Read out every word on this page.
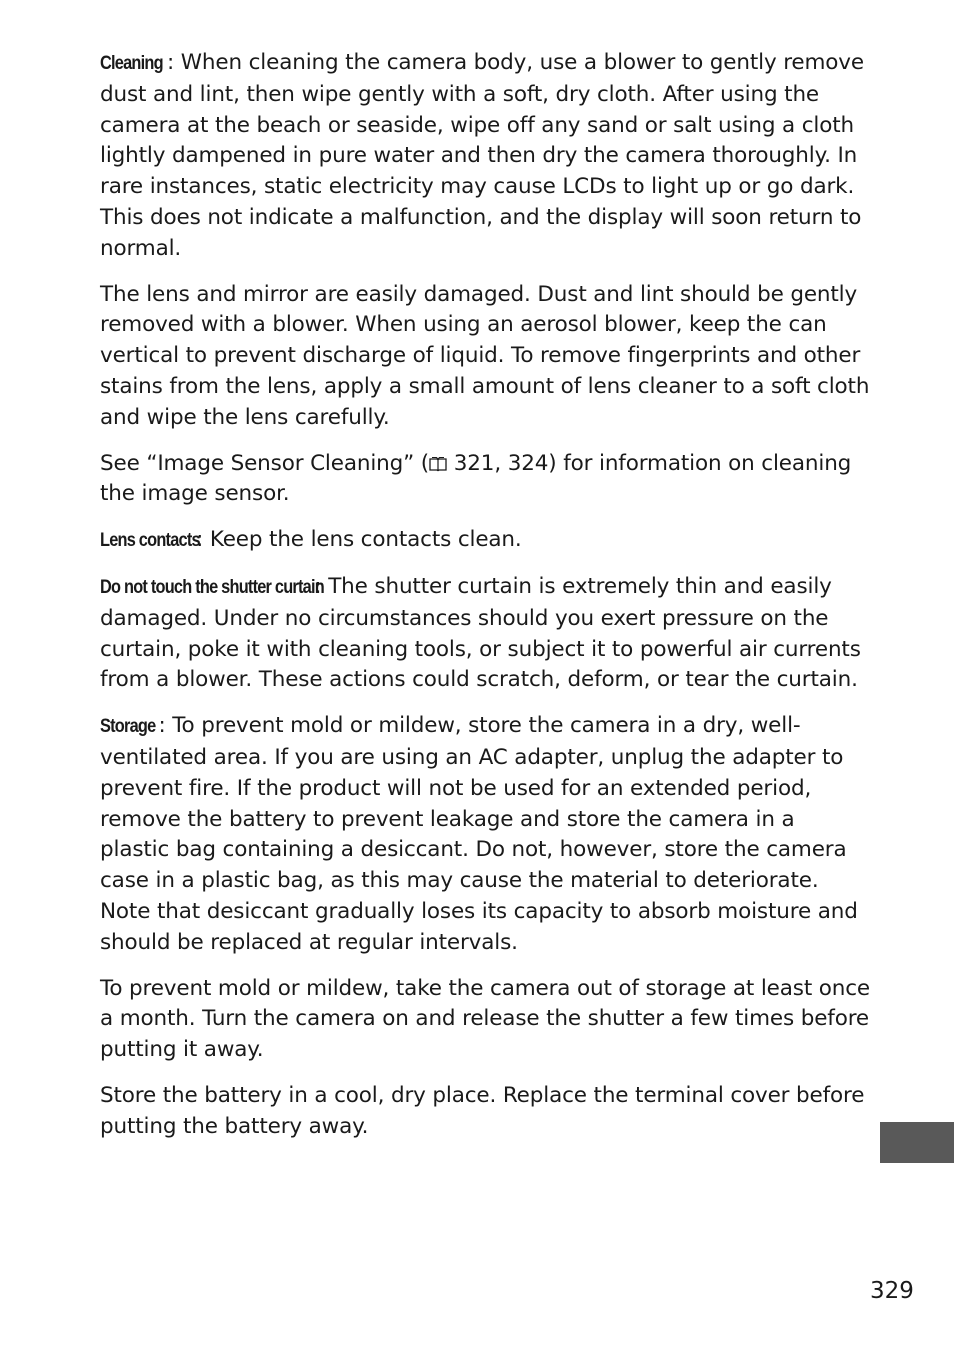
Cleaning : When cleaning the camera body, use a blower to gently remove dust and lint, then wipe gently with a soft, dry cloth. After using the camera at the beach or seaside, wipe off any sand or salt using a cloth lightly dampened in pure water and then dry the camera thoroughly. In rare instances, static electricity may cause LCDs to light up or go dark. This does not indicate a malfunction, and the display will soon return to normal.

The lens and mirror are easily damaged. Dust and lint should be gently removed with a blower. When using an aerosol blower, keep the can vertical to prevent discharge of liquid. To remove fingerprints and other stains from the lens, apply a small amount of lens cleaner to a soft cloth and wipe the lens carefully.

See “Image Sensor Cleaning” ( 321, 324) for information on cleaning the image sensor.

Lens contacts: Keep the lens contacts clean.

Do not touch the shutter curtain: The shutter curtain is extremely thin and easily damaged. Under no circumstances should you exert pressure on the curtain, poke it with cleaning tools, or subject it to powerful air currents from a blower. These actions could scratch, deform, or tear the curtain.

Storage : To prevent mold or mildew, store the camera in a dry, well-ventilated area. If you are using an AC adapter, unplug the adapter to prevent fire. If the product will not be used for an extended period, remove the battery to prevent leakage and store the camera in a plastic bag containing a desiccant. Do not, however, store the camera case in a plastic bag, as this may cause the material to deteriorate. Note that desiccant gradually loses its capacity to absorb moisture and should be replaced at regular intervals.

To prevent mold or mildew, take the camera out of storage at least once a month. Turn the camera on and release the shutter a few times before putting it away.

Store the battery in a cool, dry place. Replace the terminal cover before putting the battery away.

329
